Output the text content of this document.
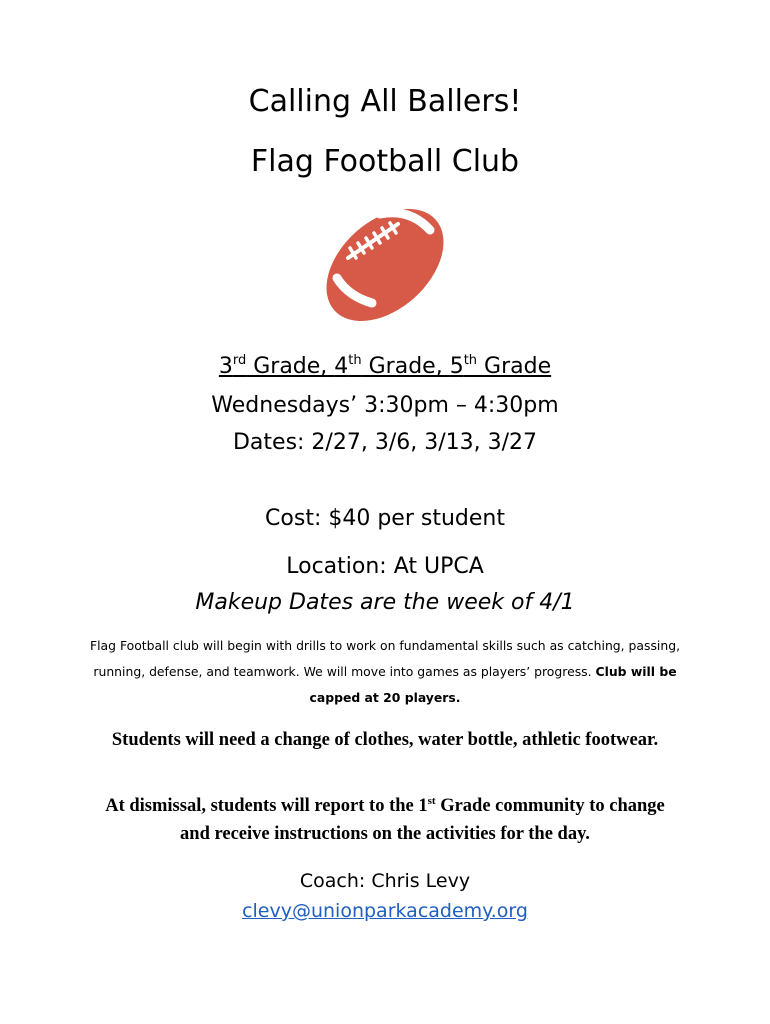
Calling All Ballers!
Flag Football Club
3rd Grade, 4th Grade, 5th Grade
Wednesdays’ 3:30pm – 4:30pm
Dates: 2/27, 3/6, 3/13, 3/27
Cost: $40 per student
Location: At UPCA
Makeup Dates are the week of 4/1
Flag Football club will begin with drills to work on fundamental skills such as catching, passing, running, defense, and teamwork. We will move into games as players’ progress. Club will be capped at 20 players.
Students will need a change of clothes, water bottle, athletic footwear.
At dismissal, students will report to the 1st Grade community to change and receive instructions on the activities for the day.
Coach: Chris Levy
clevy@unionparkacademy.org
